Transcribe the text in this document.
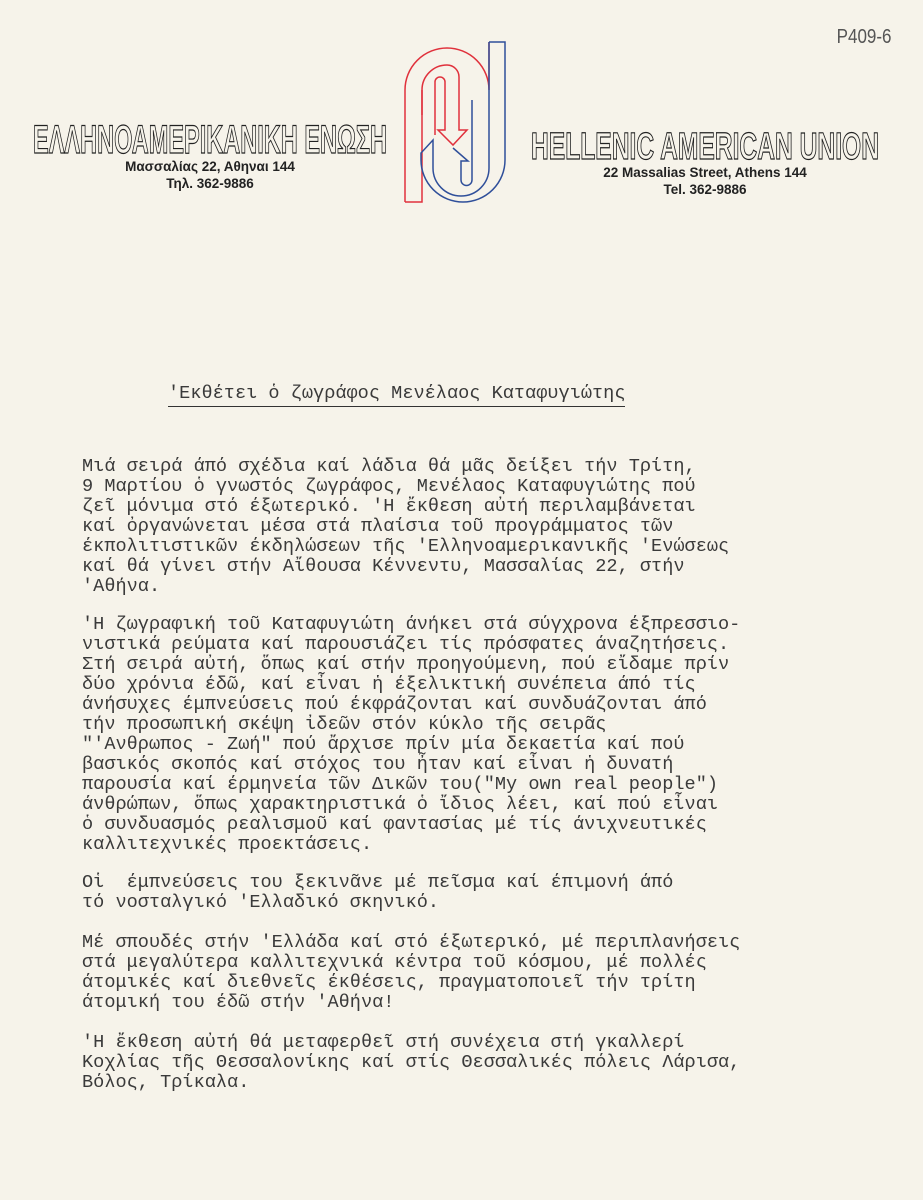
P409-6
ΕΛΛΗΝΟΑΜΕΡΙΚΑΝΙΚΗ ΕΝΩΣΗ
Μασσαλίας 22, Αθηναι 144
Τηλ. 362-9886
HELLENIC AMERICAN UNION
22 Massalias Street, Athens 144
Tel. 362-9886
'Εκθέτει ὁ ζωγράφος Μενέλαος Καταφυγιώτης
Μιά σειρά άπό σχέδια καί λάδια θά μᾶς δείξει τήν Τρίτη,
9 Μαρτίου ὁ γνωστός ζωγράφος, Μενέλαος Καταφυγιώτης πού
ζεῖ μόνιμα στό έξωτερικό. 'Η ἔκθεση αὐτή περιλαμβάνεται
καί ὀργανώνεται μέσα στά πλαίσια τοῦ προγράμματος τῶν
έκπολιτιστικῶν έκδηλώσεων τῆς 'Ελληνοαμερικανικῆς 'Ενώσεως
καί θά γίνει στήν Αἴθουσα Κέννεντυ, Μασσαλίας 22, στήν
'Αθήνα.
'Η ζωγραφική τοῦ Καταφυγιώτη άνήκει στά σύγχρονα έξπρεσσιο-
νιστικά ρεύματα καί παρουσιάζει τίς πρόσφατες άναζητήσεις.
Στή σειρά αὐτή, ὅπως καί στήν προηγούμενη, πού εἴδαμε πρίν
δύο χρόνια έδῶ, καί εἶναι ἡ έξελικτική συνέπεια άπό τίς
άνήσυχες έμπνεύσεις πού έκφράζονται καί συνδυάζονται άπό
τήν προσωπική σκέψη ἰδεῶν στόν κύκλο τῆς σειρᾶς
"'Ανθρωπος - Ζωή" πού ἄρχισε πρίν μία δεκαετία καί πού
βασικός σκοπός καί στόχος του ἦταν καί εἶναι ἡ δυνατή
παρουσία καί έρμηνεία τῶν Δικῶν του("My own real people")
άνθρώπων, ὅπως χαρακτηριστικά ὁ ἴδιος λέει, καί πού εἶναι
ὁ συνδυασμός ρεαλισμοῦ καί φαντασίας μέ τίς άνιχνευτικές
καλλιτεχνικές προεκτάσεις.
Οἱ  έμπνεύσεις του ξεκινᾶνε μέ πεῖσμα καί έπιμονή άπό
τό νοσταλγικό 'Ελλαδικό σκηνικό.
Μέ σπουδές στήν 'Ελλάδα καί στό έξωτερικό, μέ περιπλανήσεις
στά μεγαλύτερα καλλιτεχνικά κέντρα τοῦ κόσμου, μέ πολλές
άτομικές καί διεθνεῖς έκθέσεις, πραγματοποιεῖ τήν τρίτη
άτομική του έδῶ στήν 'Αθήνα!
'Η ἔκθεση αὐτή θά μεταφερθεῖ στή συνέχεια στή γκαλλερί
Κοχλίας τῆς Θεσσαλονίκης καί στίς Θεσσαλικές πόλεις Λάρισα,
Βόλος, Τρίκαλα.
